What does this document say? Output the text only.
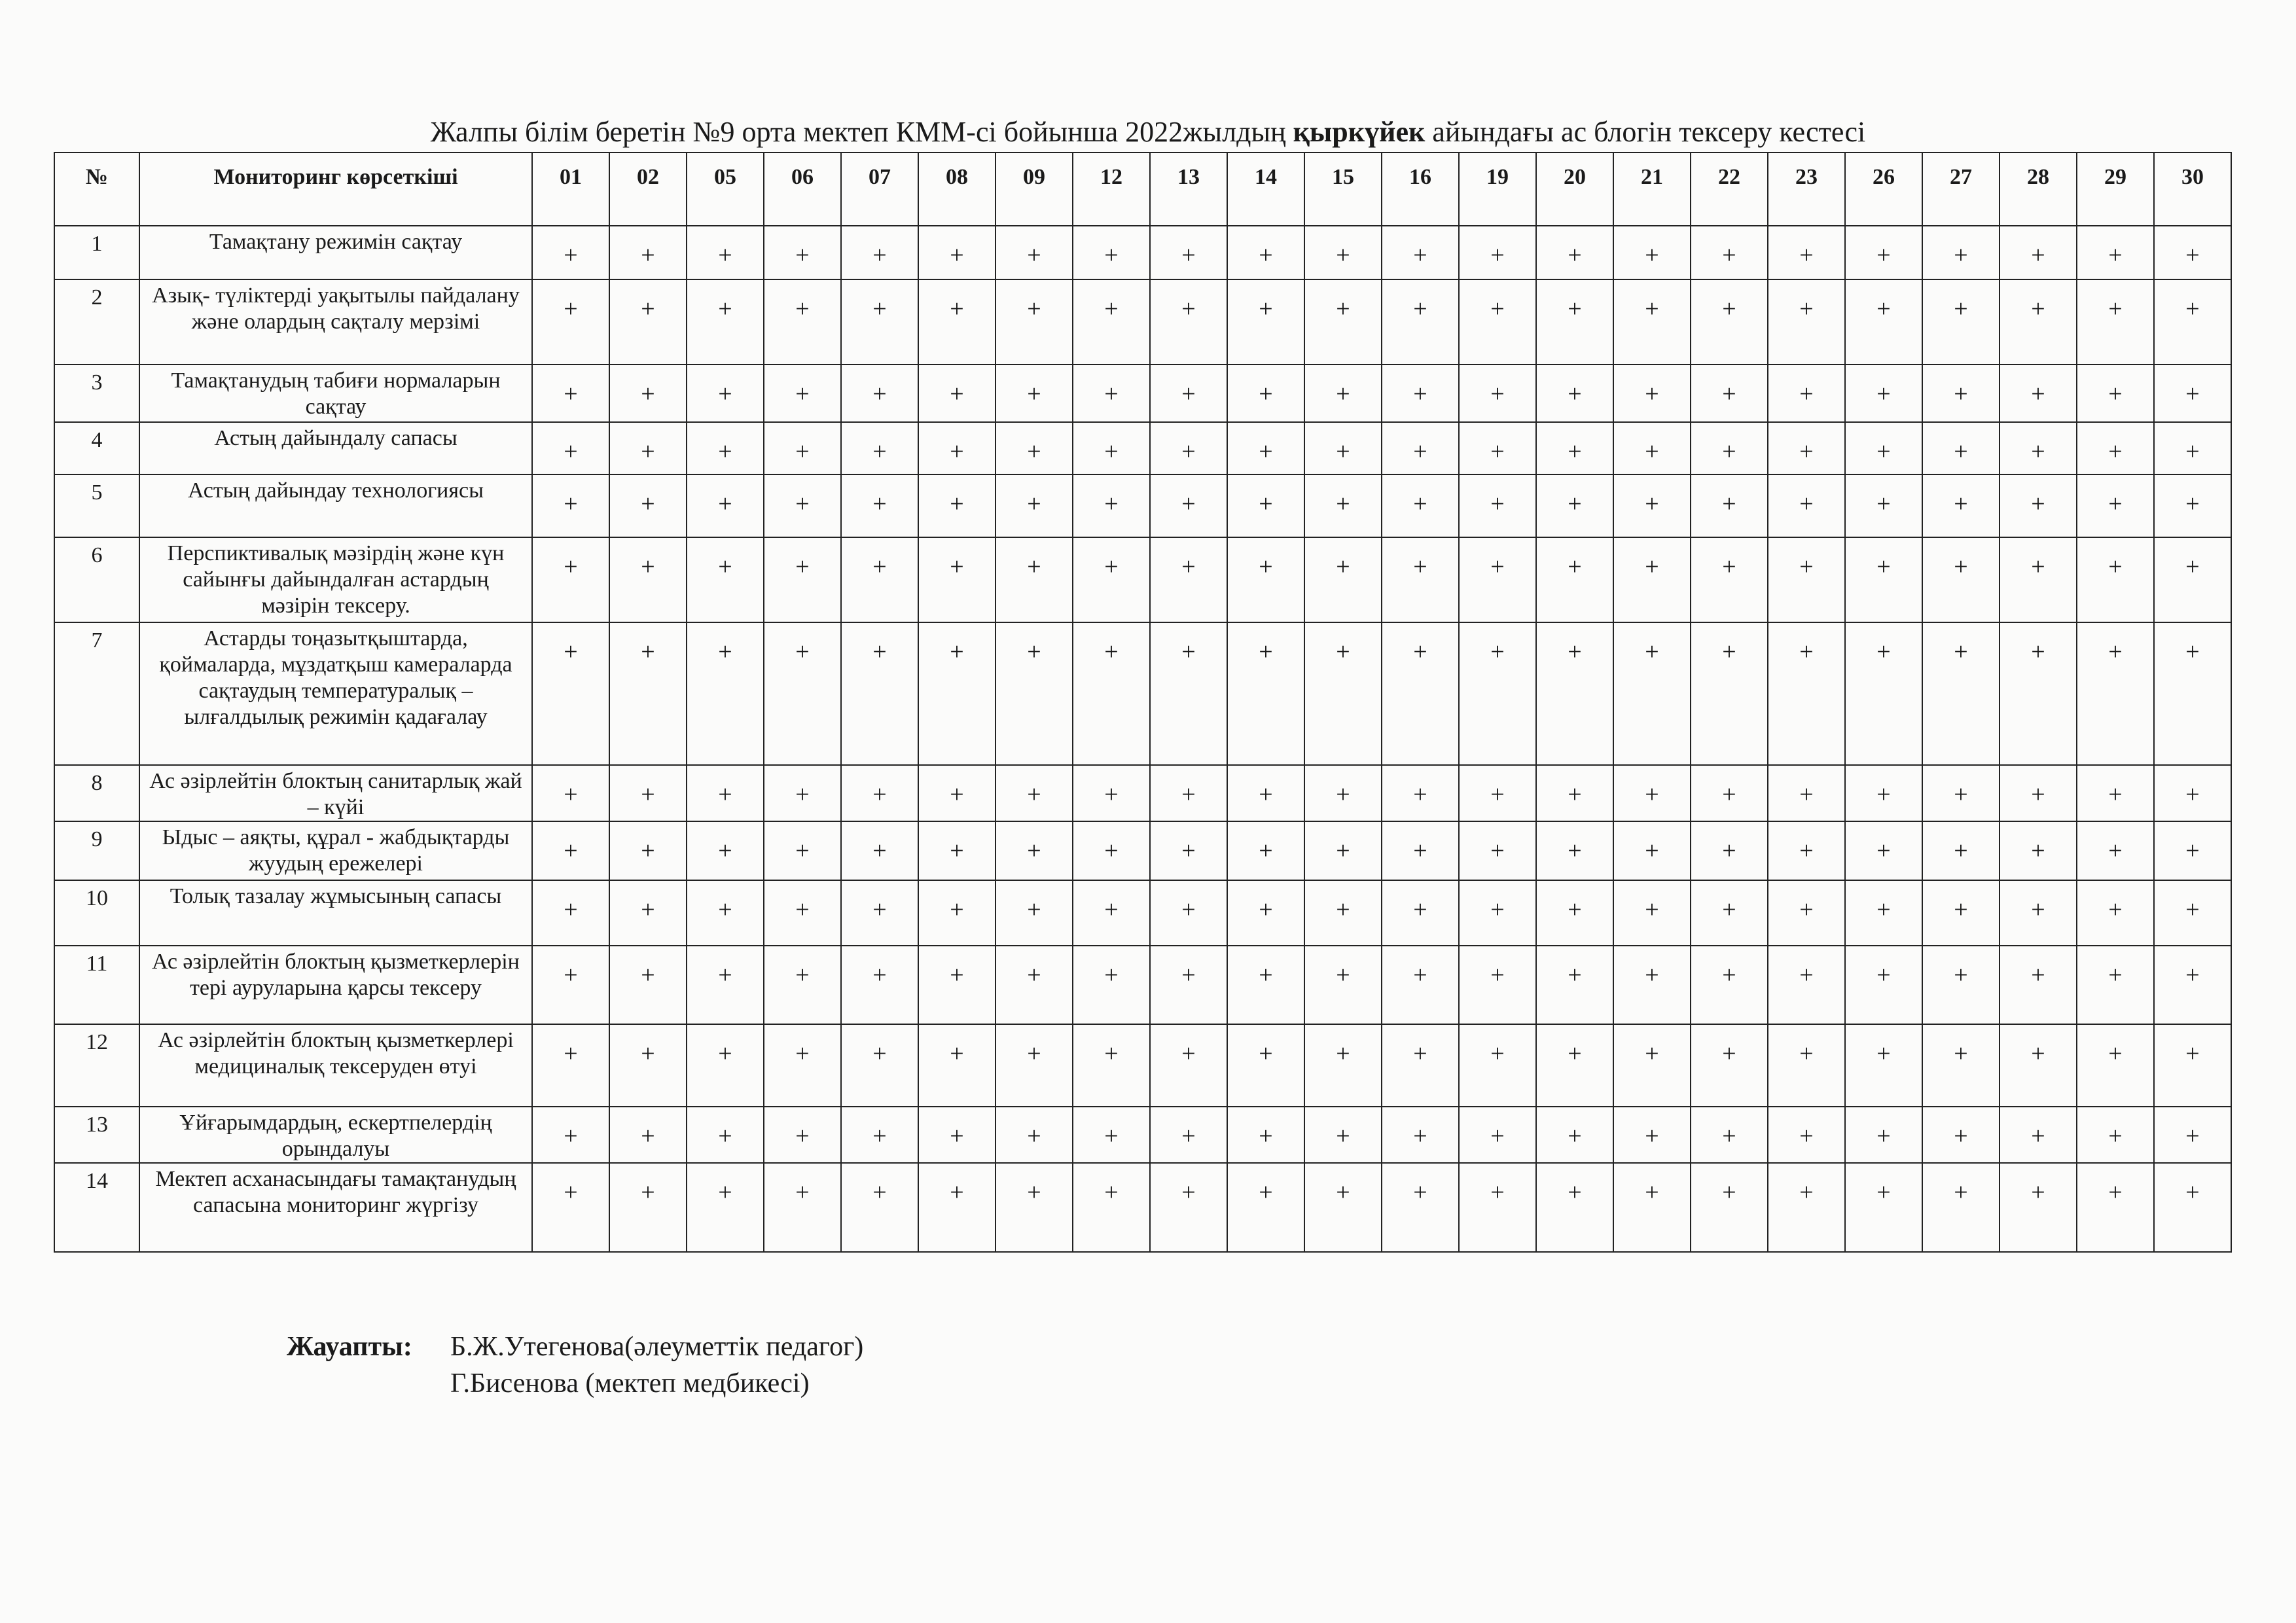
Жалпы білім беретін №9 орта мектеп КММ-сі бойынша 2022жылдың қыркүйек айындағы ас блогін тексеру кестесі
№	Мониторинг көрсеткіші	01	02	05	06	07	08	09	12	13	14	15	16	19	20	21	22	23	26	27	28	29	30
1	Тамақтану режимін сақтау	+	+	+	+	+	+	+	+	+	+	+	+	+	+	+	+	+	+	+	+	+	+
2	Азық- түліктерді уақытылы пайдалану және олардың сақталу мерзімі	+	+	+	+	+	+	+	+	+	+	+	+	+	+	+	+	+	+	+	+	+	+
3	Тамақтанудың табиғи нормаларын сақтау	+	+	+	+	+	+	+	+	+	+	+	+	+	+	+	+	+	+	+	+	+	+
4	Астың дайындалу сапасы	+	+	+	+	+	+	+	+	+	+	+	+	+	+	+	+	+	+	+	+	+	+
5	Астың дайындау технологиясы	+	+	+	+	+	+	+	+	+	+	+	+	+	+	+	+	+	+	+	+	+	+
6	Перспиктивалық мәзірдің және күн сайынғы дайындалған астардың мәзірін тексеру.	+	+	+	+	+	+	+	+	+	+	+	+	+	+	+	+	+	+	+	+	+	+
7	Астарды тоңазытқыштарда, қоймаларда, мұздатқыш камераларда сақтаудың температуралық – ылғалдылық режимін қадағалау	+	+	+	+	+	+	+	+	+	+	+	+	+	+	+	+	+	+	+	+	+	+
8	Ас әзірлейтін блоктың санитарлық жай – күйі	+	+	+	+	+	+	+	+	+	+	+	+	+	+	+	+	+	+	+	+	+	+
9	Ыдыс – аяқты, құрал - жабдықтарды жуудың ережелері	+	+	+	+	+	+	+	+	+	+	+	+	+	+	+	+	+	+	+	+	+	+
10	Толық тазалау жұмысының сапасы	+	+	+	+	+	+	+	+	+	+	+	+	+	+	+	+	+	+	+	+	+	+
11	Ас әзірлейтін блоктың қызметкерлерін тері ауруларына қарсы тексеру	+	+	+	+	+	+	+	+	+	+	+	+	+	+	+	+	+	+	+	+	+	+
12	Ас әзірлейтін блоктың қызметкерлері медициналық тексеруден өтуі	+	+	+	+	+	+	+	+	+	+	+	+	+	+	+	+	+	+	+	+	+	+
13	Ұйғарымдардың, ескертпелердің орындалуы	+	+	+	+	+	+	+	+	+	+	+	+	+	+	+	+	+	+	+	+	+	+
14	Мектеп асханасындағы тамақтанудың сапасына мониторинг жүргізу	+	+	+	+	+	+	+	+	+	+	+	+	+	+	+	+	+	+	+	+	+	+
Жауапты: Б.Ж.Утегенова(әлеуметтік педагог)
Г.Бисенова (мектеп медбикесі)
